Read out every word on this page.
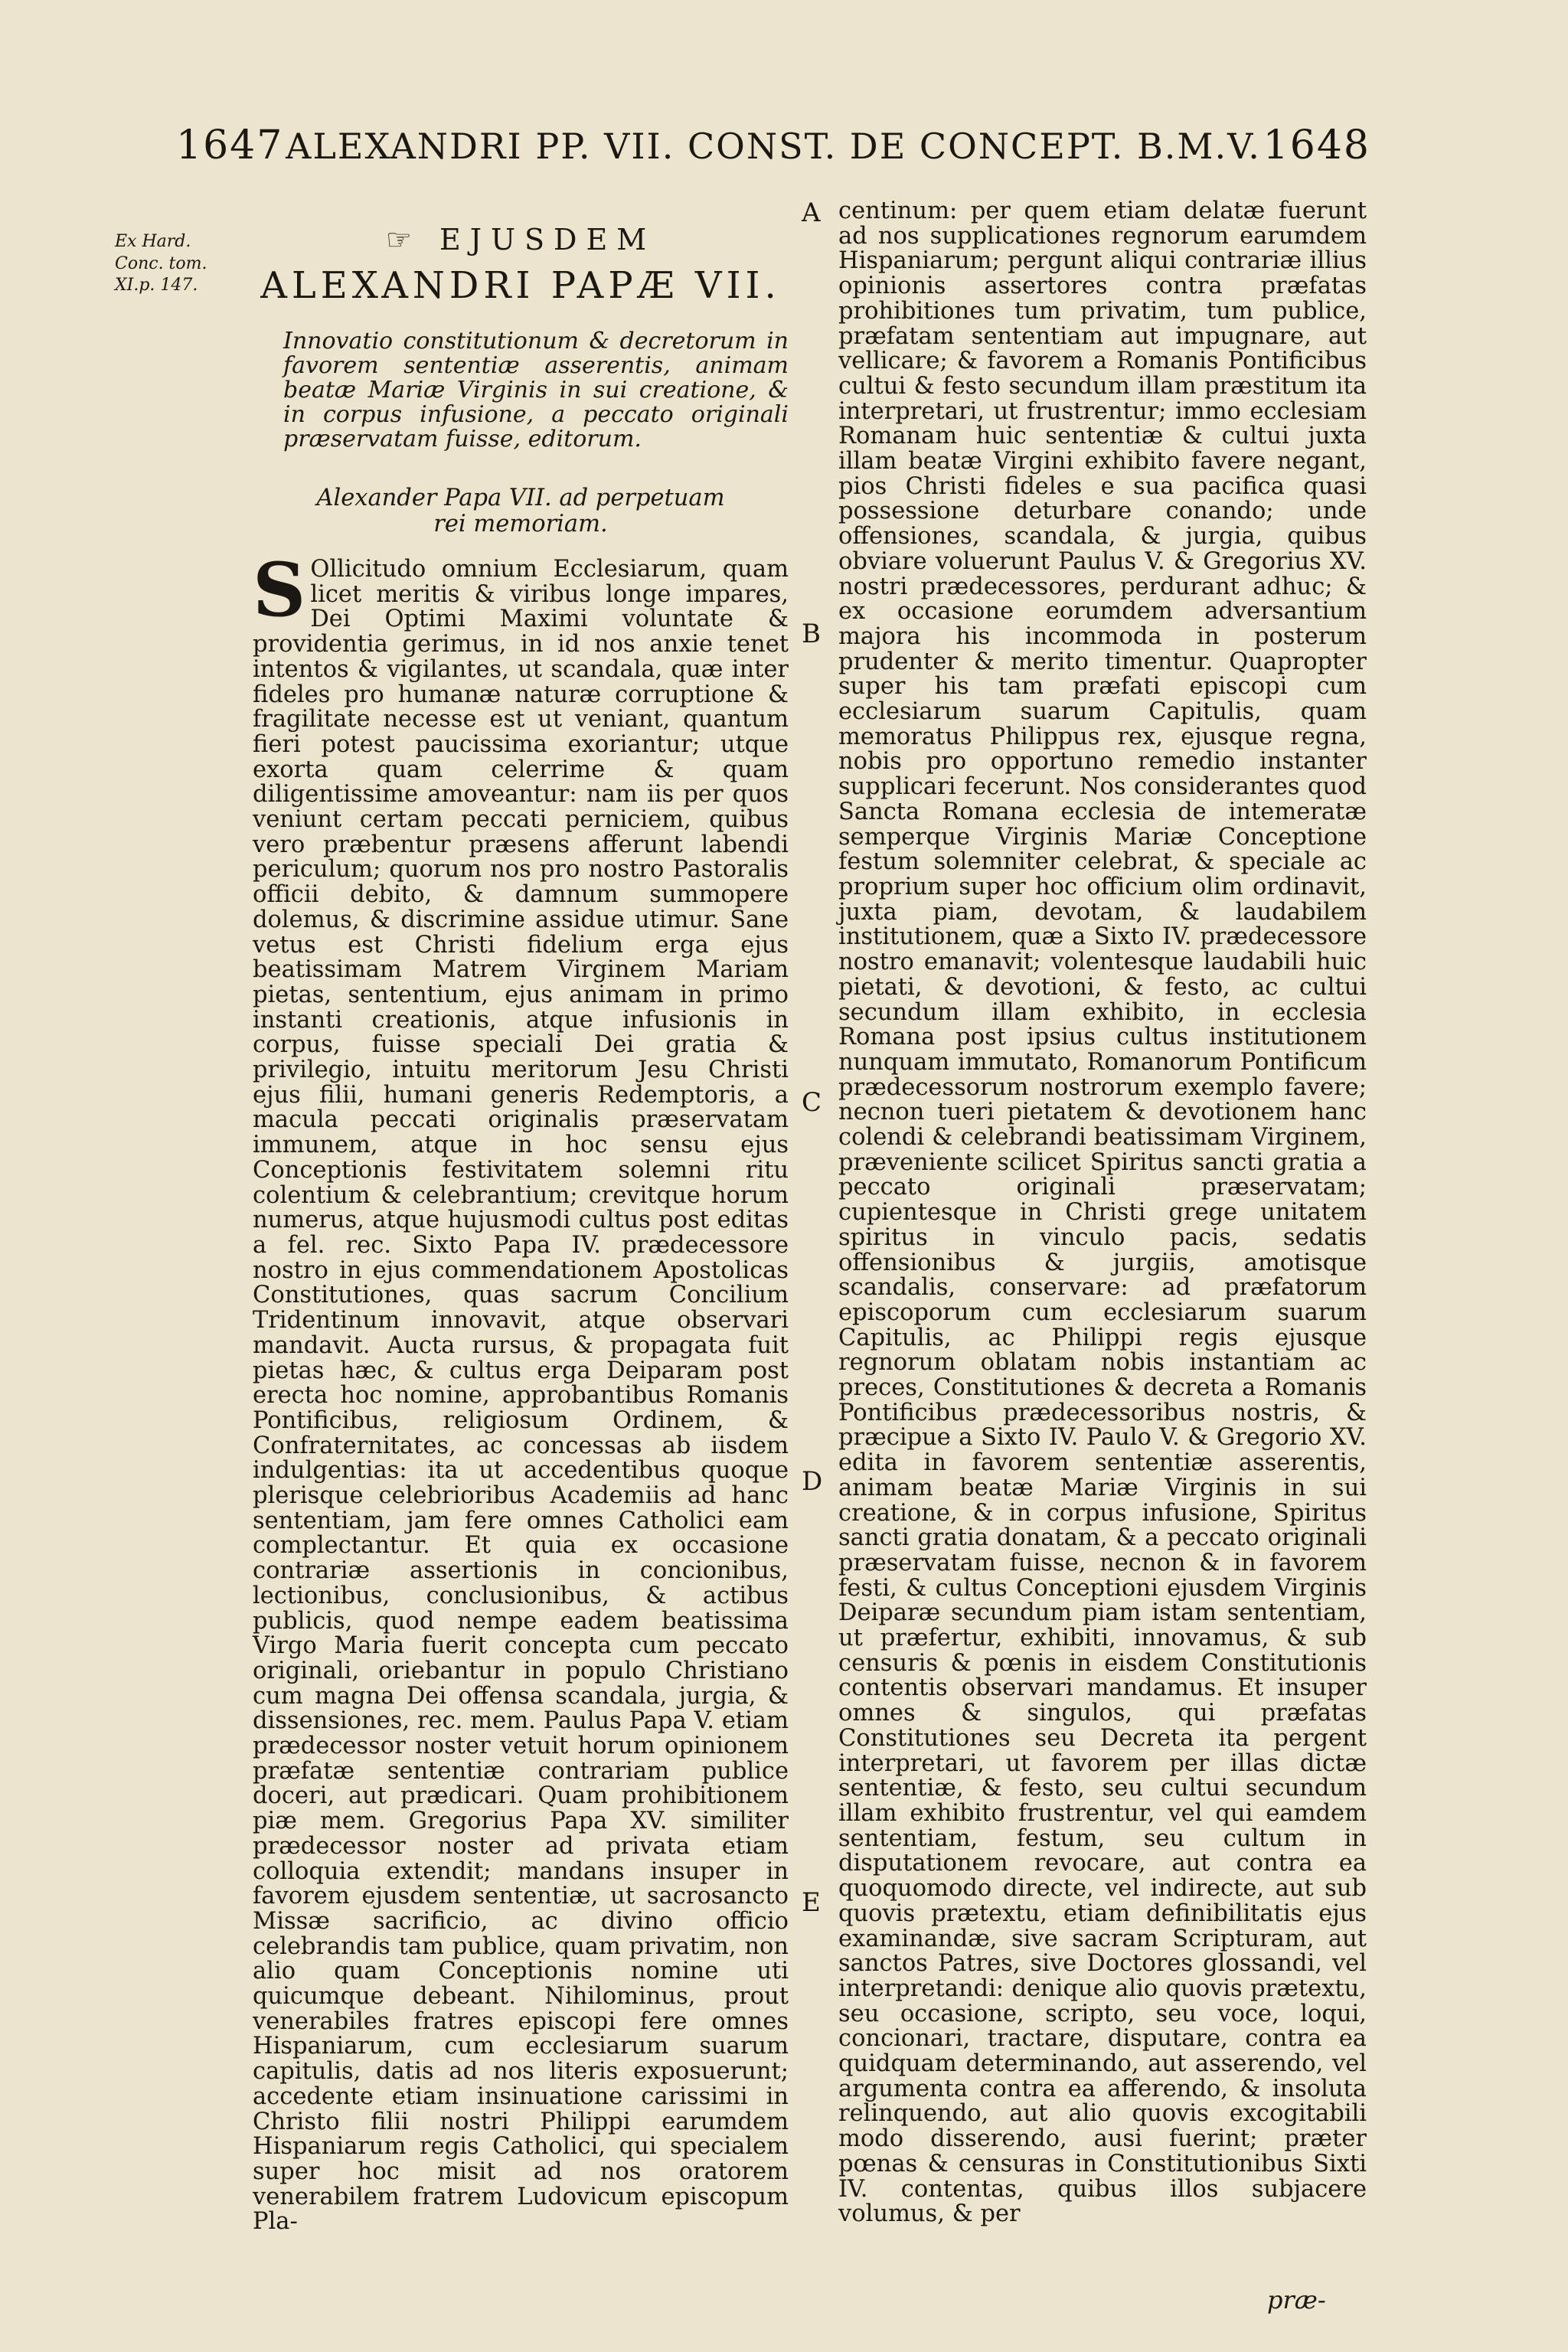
1647 ALEXANDRI PP. VII. CONST. DE CONCEPT. B.M.V. 1648
Ex Hard. Conc. tom. XI.p. 147.
☞ EJUSDEM
ALEXANDRI PAPÆ VII.

Innovatio constitutionum & decretorum in favorem sententiæ asserentis, animam beatæ Mariæ Virginis in sui creatione, & in corpus infusione, a peccato originali præservatam fuisse, editorum.

Alexander Papa VII. ad perpetuam
rei memoriam.

S Ollicitudo omnium Ecclesiarum, quam licet meritis & viribus longe impares, Dei Optimi Maximi voluntate & providentia gerimus, in id nos anxie tenet intentos & vigilantes, ut scandala, quæ inter fideles pro humanæ naturæ corruptione & fragilitate necesse est ut veniant, quantum fieri potest paucissima exoriantur; utque exorta quam celerrime & quam diligentissime amoveantur: nam iis per quos veniunt certam peccati perniciem, quibus vero præbentur præsens afferunt labendi periculum; quorum nos pro nostro Pastoralis officii debito, & damnum summopere dolemus, & discrimine assidue utimur. Sane vetus est Christi fidelium erga ejus beatissimam Matrem Virginem Mariam pietas, sententium, ejus animam in primo instanti creationis, atque infusionis in corpus, fuisse speciali Dei gratia & privilegio, intuitu meritorum Jesu Christi ejus filii, humani generis Redemptoris, a macula peccati originalis præservatam immunem, atque in hoc sensu ejus Conceptionis festivitatem solemni ritu colentium & celebrantium; crevitque horum numerus, atque hujusmodi cultus post editas a fel. rec. Sixto Papa IV. prædecessore nostro in ejus commendationem Apostolicas Constitutiones, quas sacrum Concilium Tridentinum innovavit, atque observari mandavit. Aucta rursus, & propagata fuit pietas hæc, & cultus erga Deiparam post erecta hoc nomine, approbantibus Romanis Pontificibus, religiosum Ordinem, & Confraternitates, ac concessas ab iisdem indulgentias: ita ut accedentibus quoque plerisque celebrioribus Academiis ad hanc sententiam, jam fere omnes Catholici eam complectantur. Et quia ex occasione contrariæ assertionis in concionibus, lectionibus, conclusionibus, & actibus publicis, quod nempe eadem beatissima Virgo Maria fuerit concepta cum peccato originali, oriebantur in populo Christiano cum magna Dei offensa scandala, jurgia, & dissensiones, rec. mem. Paulus Papa V. etiam prædecessor noster vetuit horum opinionem præfatæ sententiæ contrariam publice doceri, aut prædicari. Quam prohibitionem piæ mem. Gregorius Papa XV. similiter prædecessor noster ad privata etiam colloquia extendit; mandans insuper in favorem ejusdem sententiæ, ut sacrosancto Missæ sacrificio, ac divino officio celebrandis tam publice, quam privatim, non alio quam Conceptionis nomine uti quicumque debeant. Nihilominus, prout venerabiles fratres episcopi fere omnes Hispaniarum, cum ecclesiarum suarum capitulis, datis ad nos literis exposuerunt; accedente etiam insinuatione carissimi in Christo filii nostri Philippi earumdem Hispaniarum regis Catholici, qui specialem super hoc misit ad nos oratorem venerabilem fratrem Ludovicum episcopum Pla-

centinum: per quem etiam delatæ fuerunt ad nos supplicationes regnorum earumdem Hispaniarum; pergunt aliqui contrariæ illius opinionis assertores contra præfatas prohibitiones tum privatim, tum publice, præfatam sententiam aut impugnare, aut vellicare; & favorem a Romanis Pontificibus cultui & festo secundum illam præstitum ita interpretari, ut frustrentur; immo ecclesiam Romanam huic sententiæ & cultui juxta illam beatæ Virgini exhibito favere negant, pios Christi fideles e sua pacifica quasi possessione deturbare conando; unde offensiones, scandala, & jurgia, quibus obviare voluerunt Paulus V. & Gregorius XV. nostri prædecessores, perdurant adhuc; & ex occasione eorumdem adversantium majora his incommoda in posterum prudenter & merito timentur. Quapropter super his tam præfati episcopi cum ecclesiarum suarum Capitulis, quam memoratus Philippus rex, ejusque regna, nobis pro opportuno remedio instanter supplicari fecerunt. Nos considerantes quod Sancta Romana ecclesia de intemeratæ semperque Virginis Mariæ Conceptione festum solemniter celebrat, & speciale ac proprium super hoc officium olim ordinavit, juxta piam, devotam, & laudabilem institutionem, quæ a Sixto IV. prædecessore nostro emanavit; volentesque laudabili huic pietati, & devotioni, & festo, ac cultui secundum illam exhibito, in ecclesia Romana post ipsius cultus institutionem nunquam immutato, Romanorum Pontificum prædecessorum nostrorum exemplo favere; necnon tueri pietatem & devotionem hanc colendi & celebrandi beatissimam Virginem, præveniente scilicet Spiritus sancti gratia a peccato originali præservatam; cupientesque in Christi grege unitatem spiritus in vinculo pacis, sedatis offensionibus & jurgiis, amotisque scandalis, conservare: ad præfatorum episcoporum cum ecclesiarum suarum Capitulis, ac Philippi regis ejusque regnorum oblatam nobis instantiam ac preces, Constitutiones & decreta a Romanis Pontificibus prædecessoribus nostris, & præcipue a Sixto IV. Paulo V. & Gregorio XV. edita in favorem sententiæ asserentis, animam beatæ Mariæ Virginis in sui creatione, & in corpus infusione, Spiritus sancti gratia donatam, & a peccato originali præservatam fuisse, necnon & in favorem festi, & cultus Conceptioni ejusdem Virginis Deiparæ secundum piam istam sententiam, ut præfertur, exhibiti, innovamus, & sub censuris & pœnis in eisdem Constitutionis contentis observari mandamus. Et insuper omnes & singulos, qui præfatas Constitutiones seu Decreta ita pergent interpretari, ut favorem per illas dictæ sententiæ, & festo, seu cultui secundum illam exhibito frustrentur, vel qui eamdem sententiam, festum, seu cultum in disputationem revocare, aut contra ea quoquomodo directe, vel indirecte, aut sub quovis prætextu, etiam definibilitatis ejus examinandæ, sive sacram Scripturam, aut sanctos Patres, sive Doctores glossandi, vel interpretandi: denique alio quovis prætextu, seu occasione, scripto, seu voce, loqui, concionari, tractare, disputare, contra ea quidquam determinando, aut asserendo, vel argumenta contra ea afferendo, & insoluta relinquendo, aut alio quovis excogitabili modo disserendo, ausi fuerint; præter pœnas & censuras in Constitutionibus Sixti IV. contentas, quibus illos subjacere volumus, & per

A
B
C
D
E
præ-
